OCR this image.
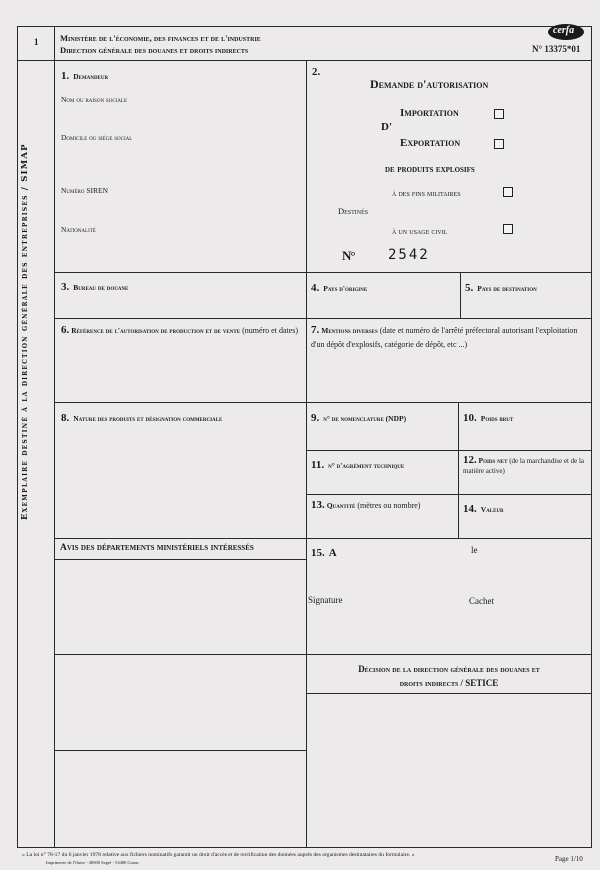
1	Ministère de l'économie, des finances et de l'industrie
Direction générale des douanes et droits indirects
cerfa
N° 13375*01
Exemplaire destiné à la direction générale des entreprises / SIMAP
1. Demandeur
Nom ou raison sociale
Domicile ou siège social
Numéro SIREN
Nationalité
2.
Demande d'autorisation
Importation
D'
Exportation
de produits explosifs
à des fins militaires
Destinés
à un usage civil
N° 2542
3. Bureau de douane	4. Pays d'origine	5. Pays de destination
6. Référence de l'autorisation de production et de vente (numéro et dates)	7. Mentions diverses (date et numéro de l'arrêté préfectoral autorisant l'exploitation d'un dépôt d'explosifs, catégorie de dépôt, etc ...)
8. Nature des produits et désignation commerciale	9. n° de nomenclature (NDP)	10. Poids brut
11. n° d'agrément technique	12. Poids net (de la marchandise et de la matière active)
13. Quantité (mètres ou nombre)	14. Valeur
Avis des départements ministériels intéressés	15. A	le
Signature	Cachet
Décision de la direction générale des douanes et
droits indirects / SETICE
« La loi n° 78-17 du 6 janvier 1978 relative aux fichiers nominatifs garantit un droit d'accès et de rectification des données auprès des organismes destinataires du formulaire. »
Imprimerie de l'Outre - 40000 Segré - 53400 Craon	Page 1/10
